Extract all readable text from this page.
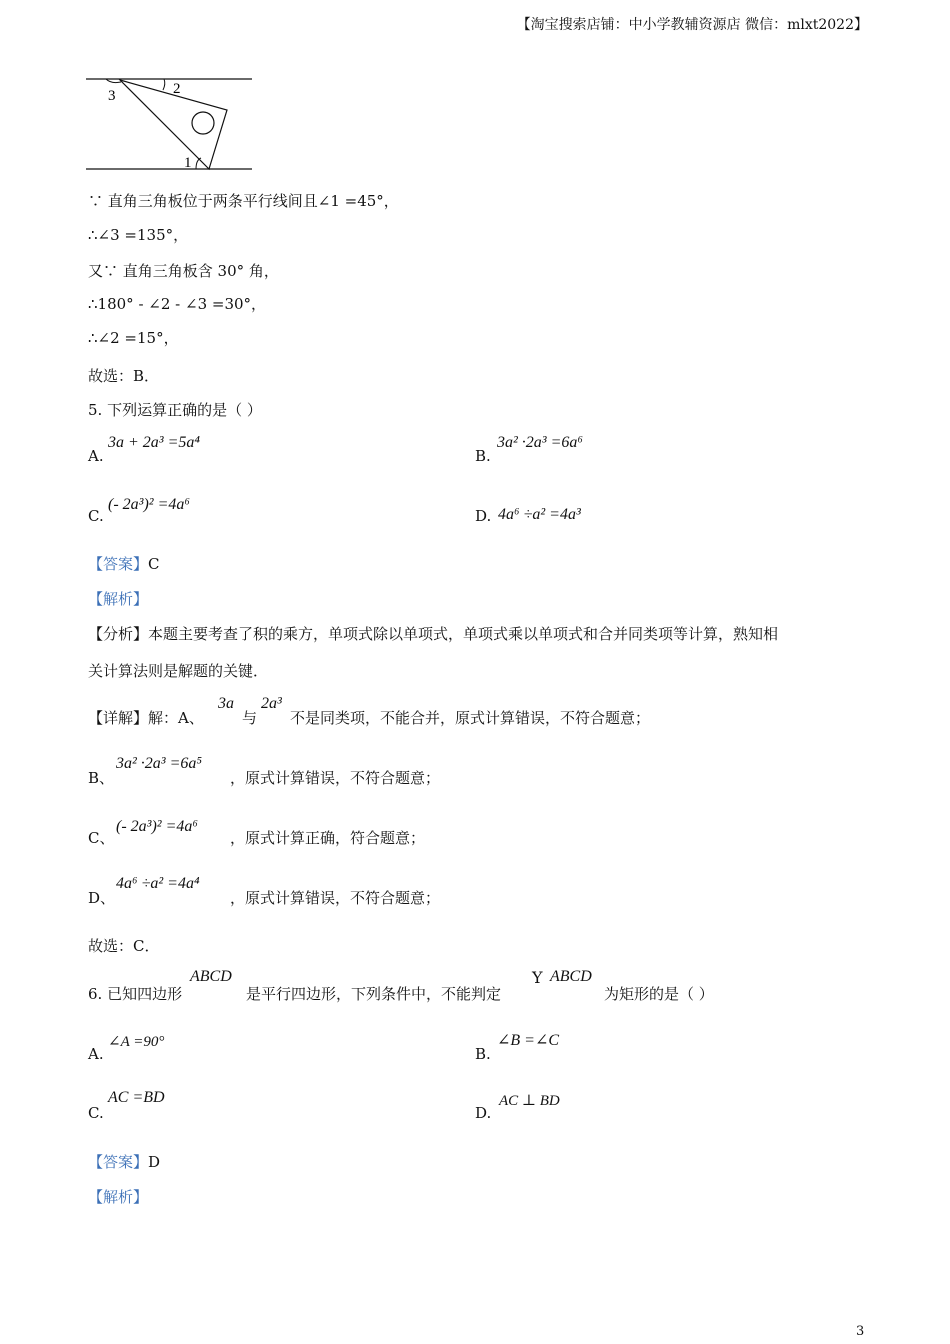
【淘宝搜索店铺：中小学教辅资源店 微信：mlxt2022】
2
3
1
∵ 直角三角板位于两条平行线间且∠1 =45°，
∴∠3 =135°，
又∵ 直角三角板含 30° 角，
∴180° - ∠2 - ∠3 =30°，
∴∠2 =15°，
故选：B．
5. 下列运算正确的是（ ）
A.
3a + 2a³ =5a⁴
B.
3a² ·2a³ =6a⁶
C.
(- 2a³)² =4a⁶
D. 4a⁶ ÷a² =4a³
【答案】C
【解析】
【分析】本题主要考查了积的乘方，单项式除以单项式，单项式乘以单项式和合并同类项等计算，熟知相
关计算法则是解题的关键．
【详解】解：A、
3a
与
2a³
不是同类项，不能合并，原式计算错误，不符合题意；
B、
3a² ·2a³ =6a⁵
，原式计算错误，不符合题意；
C、
(- 2a³)² =4a⁶
，原式计算正确，符合题意；
D、
4a⁶ ÷a² =4a⁴
，原式计算错误，不符合题意；
故选：C．
6. 已知四边形
ABCD
是平行四边形，下列条件中，不能判定
Y ABCD
为矩形的是（ ）
A.
∠A =90°
B.
∠B =∠C
C.
AC =BD
D.
AC ⊥ BD
【答案】D
【解析】
3
